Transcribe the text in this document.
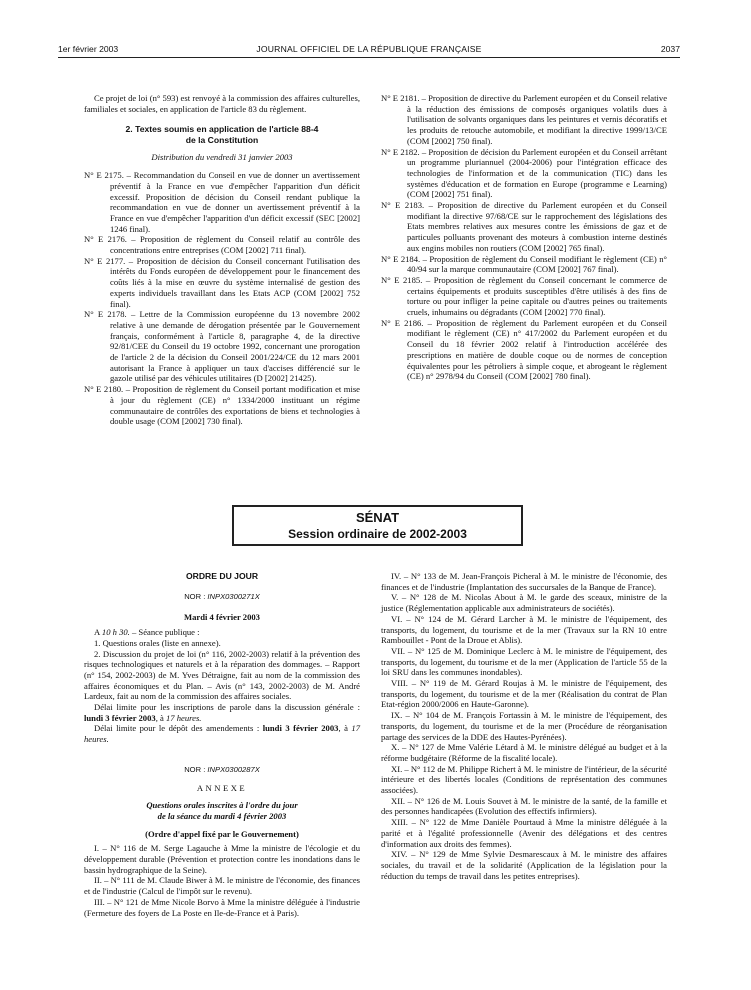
1er février 2003	JOURNAL OFFICIEL DE LA RÉPUBLIQUE FRANÇAISE	2037

Ce projet de loi (n° 593) est renvoyé à la commission des affaires culturelles, familiales et sociales, en application de l'article 83 du règlement.

2. Textes soumis en application de l'article 88-4
de la Constitution

Distribution du vendredi 31 janvier 2003

N° E 2175. – Recommandation du Conseil en vue de donner un avertissement préventif à la France en vue d'empêcher l'apparition d'un déficit excessif. Proposition de décision du Conseil rendant publique la recommandation en vue de donner un avertissement préventif à la France en vue d'empêcher l'apparition d'un déficit excessif (SEC [2002] 1246 final).

N° E 2176. – Proposition de règlement du Conseil relatif au contrôle des concentrations entre entreprises (COM [2002] 711 final).

N° E 2177. – Proposition de décision du Conseil concernant l'utilisation des intérêts du Fonds européen de développement pour le financement des coûts liés à la mise en œuvre du système internalisé de gestion des experts individuels travaillant dans les Etats ACP (COM [2002] 752 final).

N° E 2178. – Lettre de la Commission européenne du 13 novembre 2002 relative à une demande de dérogation présentée par le Gouvernement français, conformément à l'article 8, paragraphe 4, de la directive 92/81/CEE du Conseil du 19 octobre 1992, concernant une prorogation de l'article 2 de la décision du Conseil 2001/224/CE du 12 mars 2001 autorisant la France à appliquer un taux d'accises différencié sur le gazole utilisé par des véhicules utilitaires (D [2002] 21425).

N° E 2180. – Proposition de règlement du Conseil portant modification et mise à jour du règlement (CE) n° 1334/2000 instituant un régime communautaire de contrôles des exportations de biens et technologies à double usage (COM [2002] 730 final).

N° E 2181. – Proposition de directive du Parlement européen et du Conseil relative à la réduction des émissions de composés organiques volatils dues à l'utilisation de solvants organiques dans les peintures et vernis décoratifs et les produits de retouche automobile, et modifiant la directive 1999/13/CE (COM [2002] 750 final).

N° E 2182. – Proposition de décision du Parlement européen et du Conseil arrêtant un programme pluriannuel (2004-2006) pour l'intégration efficace des technologies de l'information et de la communication (TIC) dans les systèmes d'éducation et de formation en Europe (programme e Learning) (COM [2002] 751 final).

N° E 2183. – Proposition de directive du Parlement européen et du Conseil modifiant la directive 97/68/CE sur le rapprochement des législations des Etats membres relatives aux mesures contre les émissions de gaz et de particules polluants provenant des moteurs à combustion interne destinés aux engins mobiles non routiers (COM [2002] 765 final).

N° E 2184. – Proposition de règlement du Conseil modifiant le règlement (CE) n° 40/94 sur la marque communautaire (COM [2002] 767 final).

N° E 2185. – Proposition de règlement du Conseil concernant le commerce de certains équipements et produits susceptibles d'être utilisés à des fins de torture ou pour infliger la peine capitale ou d'autres peines ou traitements cruels, inhumains ou dégradants (COM [2002] 770 final).

N° E 2186. – Proposition de règlement du Parlement européen et du Conseil modifiant le règlement (CE) n° 417/2002 du Parlement européen et du Conseil du 18 février 2002 relatif à l'introduction accélérée des prescriptions en matière de double coque ou de normes de conception équivalentes pour les pétroliers à simple coque, et abrogeant le règlement (CE) n° 2978/94 du Conseil (COM [2002] 780 final).

SÉNAT
Session ordinaire de 2002-2003

ORDRE DU JOUR

NOR : INPX0300271X

Mardi 4 février 2003

A 10 h 30. – Séance publique :

1. Questions orales (liste en annexe).

2. Discussion du projet de loi (n° 116, 2002-2003) relatif à la prévention des risques technologiques et naturels et à la réparation des dommages. – Rapport (n° 154, 2002-2003) de M. Yves Détraigne, fait au nom de la commission des affaires économiques et du Plan. – Avis (n° 143, 2002-2003) de M. André Lardeux, fait au nom de la commission des affaires sociales.

Délai limite pour les inscriptions de parole dans la discussion générale : lundi 3 février 2003, à 17 heures.

Délai limite pour le dépôt des amendements : lundi 3 février 2003, à 17 heures.

NOR : INPX0300287X

ANNEXE

Questions orales inscrites à l'ordre du jour
de la séance du mardi 4 février 2003

(Ordre d'appel fixé par le Gouvernement)

I. – N° 116 de M. Serge Lagauche à Mme la ministre de l'écologie et du développement durable (Prévention et protection contre les inondations dans le bassin hydrographique de la Seine).

II. – N° 111 de M. Claude Biwer à M. le ministre de l'économie, des finances et de l'industrie (Calcul de l'impôt sur le revenu).

III. – N° 121 de Mme Nicole Borvo à Mme la ministre déléguée à l'industrie (Fermeture des foyers de La Poste en Ile-de-France et à Paris).

IV. – N° 133 de M. Jean-François Picheral à M. le ministre de l'économie, des finances et de l'industrie (Implantation des succursales de la Banque de France).

V. – N° 128 de M. Nicolas About à M. le garde des sceaux, ministre de la justice (Réglementation applicable aux administrateurs de sociétés).

VI. – N° 124 de M. Gérard Larcher à M. le ministre de l'équipement, des transports, du logement, du tourisme et de la mer (Travaux sur la RN 10 entre Rambouillet - Pont de la Droue et Ablis).

VII. – N° 125 de M. Dominique Leclerc à M. le ministre de l'équipement, des transports, du logement, du tourisme et de la mer (Application de l'article 55 de la loi SRU dans les communes inondables).

VIII. – N° 119 de M. Gérard Roujas à M. le ministre de l'équipement, des transports, du logement, du tourisme et de la mer (Réalisation du contrat de Plan Etat-région 2000/2006 en Haute-Garonne).

IX. – N° 104 de M. François Fortassin à M. le ministre de l'équipement, des transports, du logement, du tourisme et de la mer (Procédure de réorganisation partage des services de la DDE des Hautes-Pyrénées).

X. – N° 127 de Mme Valérie Létard à M. le ministre délégué au budget et à la réforme budgétaire (Réforme de la fiscalité locale).

XI. – N° 112 de M. Philippe Richert à M. le ministre de l'intérieur, de la sécurité intérieure et des libertés locales (Conditions de représentation des communes associées).

XII. – N° 126 de M. Louis Souvet à M. le ministre de la santé, de la famille et des personnes handicapées (Evolution des effectifs infirmiers).

XIII. – N° 122 de Mme Danièle Pourtaud à Mme la ministre déléguée à la parité et à l'égalité professionnelle (Avenir des délégations et des centres d'information aux droits des femmes).

XIV. – N° 129 de Mme Sylvie Desmarescaux à M. le ministre des affaires sociales, du travail et de la solidarité (Application de la législation pour la réduction du temps de travail dans les petites entreprises).
